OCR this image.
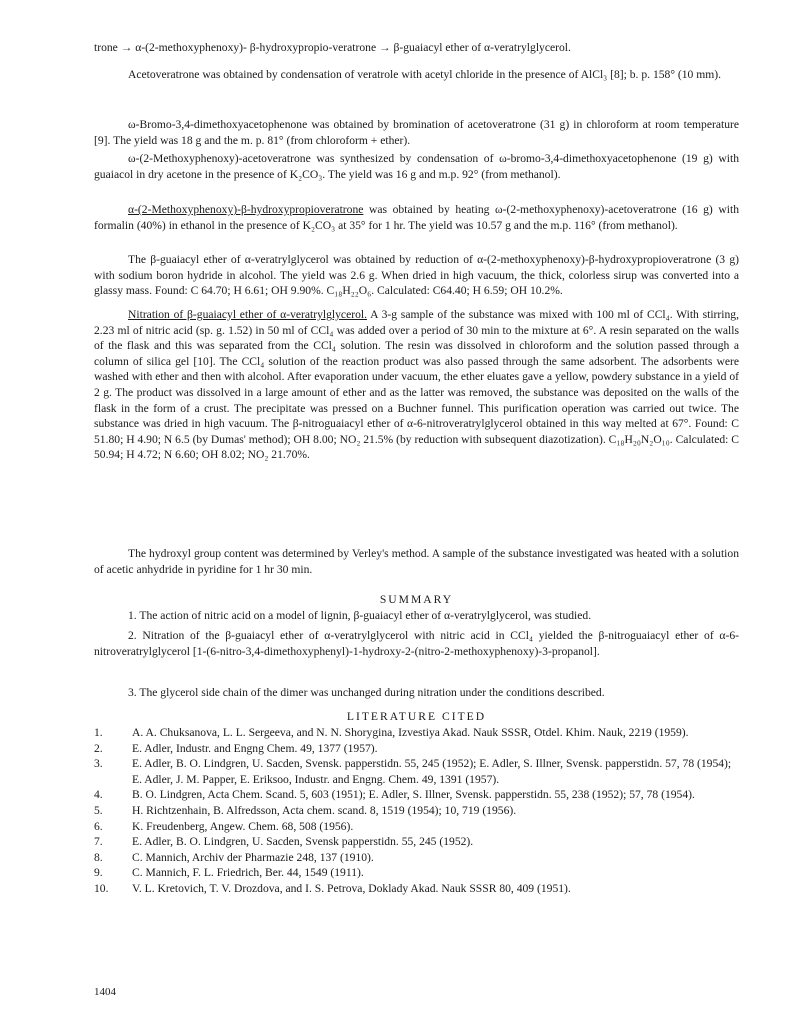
trone → α-(2-methoxyphenoxy)- β-hydroxypropio-veratrone → β-guaiacyl ether of α-veratrylglycerol.

Acetoveratrone was obtained by condensation of veratrole with acetyl chloride in the presence of AlCl₃ [8]; b. p. 158° (10 mm).

ω-Bromo-3,4-dimethoxyacetophenone was obtained by bromination of acetoveratrone (31 g) in chloroform at room temperature [9]. The yield was 18 g and the m. p. 81° (from chloroform + ether).

ω-(2-Methoxyphenoxy)-acetoveratrone was synthesized by condensation of ω-bromo-3,4-dimethoxyacetophenone (19 g) with guaiacol in dry acetone in the presence of K₂CO₃. The yield was 16 g and m.p. 92° (from methanol).

α-(2-Methoxyphenoxy)-β-hydroxypropioveratrone was obtained by heating ω-(2-methoxyphenoxy)-acetoveratrone (16 g) with formalin (40%) in ethanol in the presence of K₂CO₃ at 35° for 1 hr. The yield was 10.57 g and the m.p. 116° (from methanol).

The β-guaiacyl ether of α-veratrylglycerol was obtained by reduction of α-(2-methoxyphenoxy)-β-hydroxypropioveratrone (3 g) with sodium boron hydride in alcohol. The yield was 2.6 g. When dried in high vacuum, the thick, colorless sirup was converted into a glassy mass. Found: C 64.70; H 6.61; OH 9.90%. C₁₈H₂₂O₆. Calculated: C64.40; H 6.59; OH 10.2%.

Nitration of β-guaiacyl ether of α-veratrylglycerol. A 3-g sample of the substance was mixed with 100 ml of CCl₄. With stirring, 2.23 ml of nitric acid (sp. g. 1.52) in 50 ml of CCl₄ was added over a period of 30 min to the mixture at 6°. A resin separated on the walls of the flask and this was separated from the CCl₄ solution. The resin was dissolved in chloroform and the solution passed through a column of silica gel [10]. The CCl₄ solution of the reaction product was also passed through the same adsorbent. The adsorbents were washed with ether and then with alcohol. After evaporation under vacuum, the ether eluates gave a yellow, powdery substance in a yield of 2 g. The product was dissolved in a large amount of ether and as the latter was removed, the substance was deposited on the walls of the flask in the form of a crust. The precipitate was pressed on a Buchner funnel. This purification operation was carried out twice. The substance was dried in high vacuum. The β-nitroguaiacyl ether of α-6-nitroveratrylglycerol obtained in this way melted at 67°. Found: C 51.80; H 4.90; N 6.5 (by Dumas' method); OH 8.00; NO₂ 21.5% (by reduction with subsequent diazotization). C₁₈H₂₀N₂O₁₀. Calculated: C 50.94; H 4.72; N 6.60; OH 8.02; NO₂ 21.70%.

The hydroxyl group content was determined by Verley's method. A sample of the substance investigated was heated with a solution of acetic anhydride in pyridine for 1 hr 30 min.

SUMMARY

1. The action of nitric acid on a model of lignin, β-guaiacyl ether of α-veratrylglycerol, was studied.

2. Nitration of the β-guaiacyl ether of α-veratrylglycerol with nitric acid in CCl₄ yielded the β-nitroguaiacyl ether of α-6-nitroveratrylglycerol [1-(6-nitro-3,4-dimethoxyphenyl)-1-hydroxy-2-(nitro-2-methoxyphenoxy)-3-propanol].

3. The glycerol side chain of the dimer was unchanged during nitration under the conditions described.

LITERATURE CITED

1.	A. A. Chuksanova, L. L. Sergeeva, and N. N. Shorygina, Izvestiya Akad. Nauk SSSR, Otdel. Khim. Nauk, 2219 (1959).
2.	E. Adler, Industr. and Engng Chem. 49, 1377 (1957).
3.	E. Adler, B. O. Lindgren, U. Sacden, Svensk. papperstidn. 55, 245 (1952); E. Adler, S. Illner, Svensk. papperstidn. 57, 78 (1954); E. Adler, J. M. Papper, E. Eriksoo, Industr. and Engng. Chem. 49, 1391 (1957).
4.	B. O. Lindgren, Acta Chem. Scand. 5, 603 (1951); E. Adler, S. Illner, Svensk. papperstidn. 55, 238 (1952); 57, 78 (1954).
5.	H. Richtzenhain, B. Alfredsson, Acta chem. scand. 8, 1519 (1954); 10, 719 (1956).
6.	K. Freudenberg, Angew. Chem. 68, 508 (1956).
7.	E. Adler, B. O. Lindgren, U. Sacden, Svensk papperstidn. 55, 245 (1952).
8.	C. Mannich, Archiv der Pharmazie 248, 137 (1910).
9.	C. Mannich, F. L. Friedrich, Ber. 44, 1549 (1911).
10.	V. L. Kretovich, T. V. Drozdova, and I. S. Petrova, Doklady Akad. Nauk SSSR 80, 409 (1951).

1404
